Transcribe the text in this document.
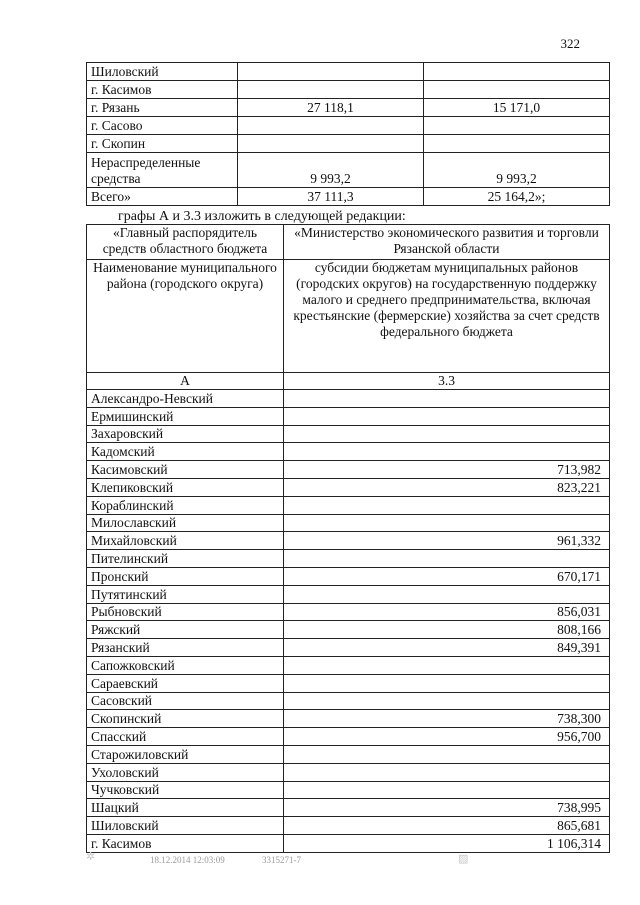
322
Шиловский		
г. Касимов		
г. Рязань	27 118,1	15 171,0
г. Сасово		
г. Скопин		
Нераспределенные средства	9 993,2	9 993,2
Всего»	37 111,3	25 164,2»;
графы А и 3.3 изложить в следующей редакции:
«Главный распорядитель средств областного бюджета	«Министерство экономического развития и торговли Рязанской области
Наименование муниципального района (городского округа)	субсидии бюджетам муниципальных районов (городских округов) на государственную поддержку малого и среднего предпринимательства, включая крестьянские (фермерские) хозяйства за счет средств федерального бюджета
А	3.3
Александро-Невский	
Ермишинский	
Захаровский	
Кадомский	
Касимовский	713,982
Клепиковский	823,221
Кораблинский	
Милославский	
Михайловский	961,332
Пителинский	
Пронский	670,171
Путятинский	
Рыбновский	856,031
Ряжский	808,166
Рязанский	849,391
Сапожковский	
Сараевский	
Сасовский	
Скопинский	738,300
Спасский	956,700
Старожиловский	
Ухоловский	
Чучковский	
Шацкий	738,995
Шиловский	865,681
г. Касимов	1 106,314
18.12.2014 12:03:09	3315271-7
✲	▨
